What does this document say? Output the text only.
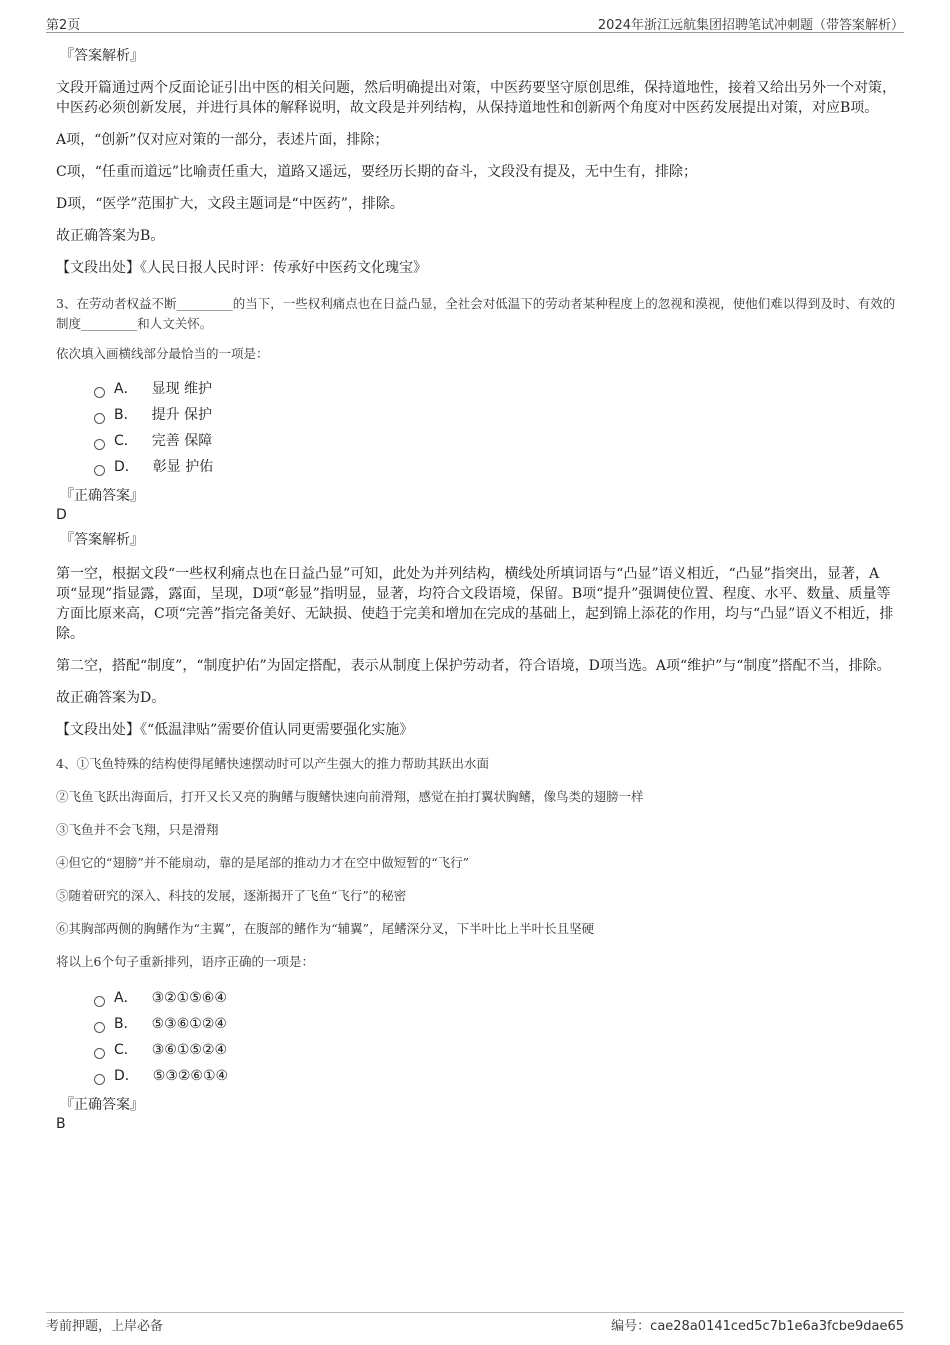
第2页	2024年浙江远航集团招聘笔试冲刺题（带答案解析）
『答案解析』

文段开篇通过两个反面论证引出中医的相关问题，然后明确提出对策，中医药要坚守原创思维，保持道地性，接着又给出另外一个对策，中医药必须创新发展，并进行具体的解释说明，故文段是并列结构，从保持道地性和创新两个角度对中医药发展提出对策，对应B项。

A项，“创新”仅对应对策的一部分，表述片面，排除；

C项，“任重而道远”比喻责任重大，道路又遥远，要经历长期的奋斗，文段没有提及，无中生有，排除；

D项，“医学”范围扩大，文段主题词是“中医药”，排除。

故正确答案为B。

【文段出处】《人民日报人民时评：传承好中医药文化瑰宝》

3、在劳动者权益不断_________的当下，一些权利痛点也在日益凸显，全社会对低温下的劳动者某种程度上的忽视和漠视，使他们难以得到及时、有效的制度_________和人文关怀。

依次填入画横线部分最恰当的一项是：

A． 显现 维护
B． 提升 保护
C． 完善 保障
D． 彰显 护佑
『正确答案』
D
『答案解析』

第一空，根据文段“一些权利痛点也在日益凸显”可知，此处为并列结构，横线处所填词语与“凸显”语义相近，“凸显”指突出，显著，A项“显现”指显露，露面，呈现，D项“彰显”指明显，显著，均符合文段语境，保留。B项“提升”强调使位置、程度、水平、数量、质量等方面比原来高，C项“完善”指完备美好、无缺损、使趋于完美和增加在完成的基础上，起到锦上添花的作用，均与“凸显”语义不相近，排除。

第二空，搭配“制度”，“制度护佑”为固定搭配，表示从制度上保护劳动者，符合语境，D项当选。A项“维护”与“制度”搭配不当，排除。

故正确答案为D。

【文段出处】《“低温津贴”需要价值认同更需要强化实施》

4、①飞鱼特殊的结构使得尾鳍快速摆动时可以产生强大的推力帮助其跃出水面

②飞鱼飞跃出海面后，打开又长又亮的胸鳍与腹鳍快速向前滑翔，感觉在拍打翼状胸鳍，像鸟类的翅膀一样

③飞鱼并不会飞翔，只是滑翔

④但它的“翅膀”并不能扇动，靠的是尾部的推动力才在空中做短暂的“飞行”

⑤随着研究的深入、科技的发展，逐渐揭开了飞鱼“飞行”的秘密

⑥其胸部两侧的胸鳍作为“主翼”，在腹部的鳍作为“辅翼”，尾鳍深分叉，下半叶比上半叶长且坚硬

将以上6个句子重新排列，语序正确的一项是：

A． ③②①⑤⑥④
B． ⑤③⑥①②④
C． ③⑥①⑤②④
D． ⑤③②⑥①④
『正确答案』
B
考前押题，上岸必备	编号：cae28a0141ced5c7b1e6a3fcbe9dae65
